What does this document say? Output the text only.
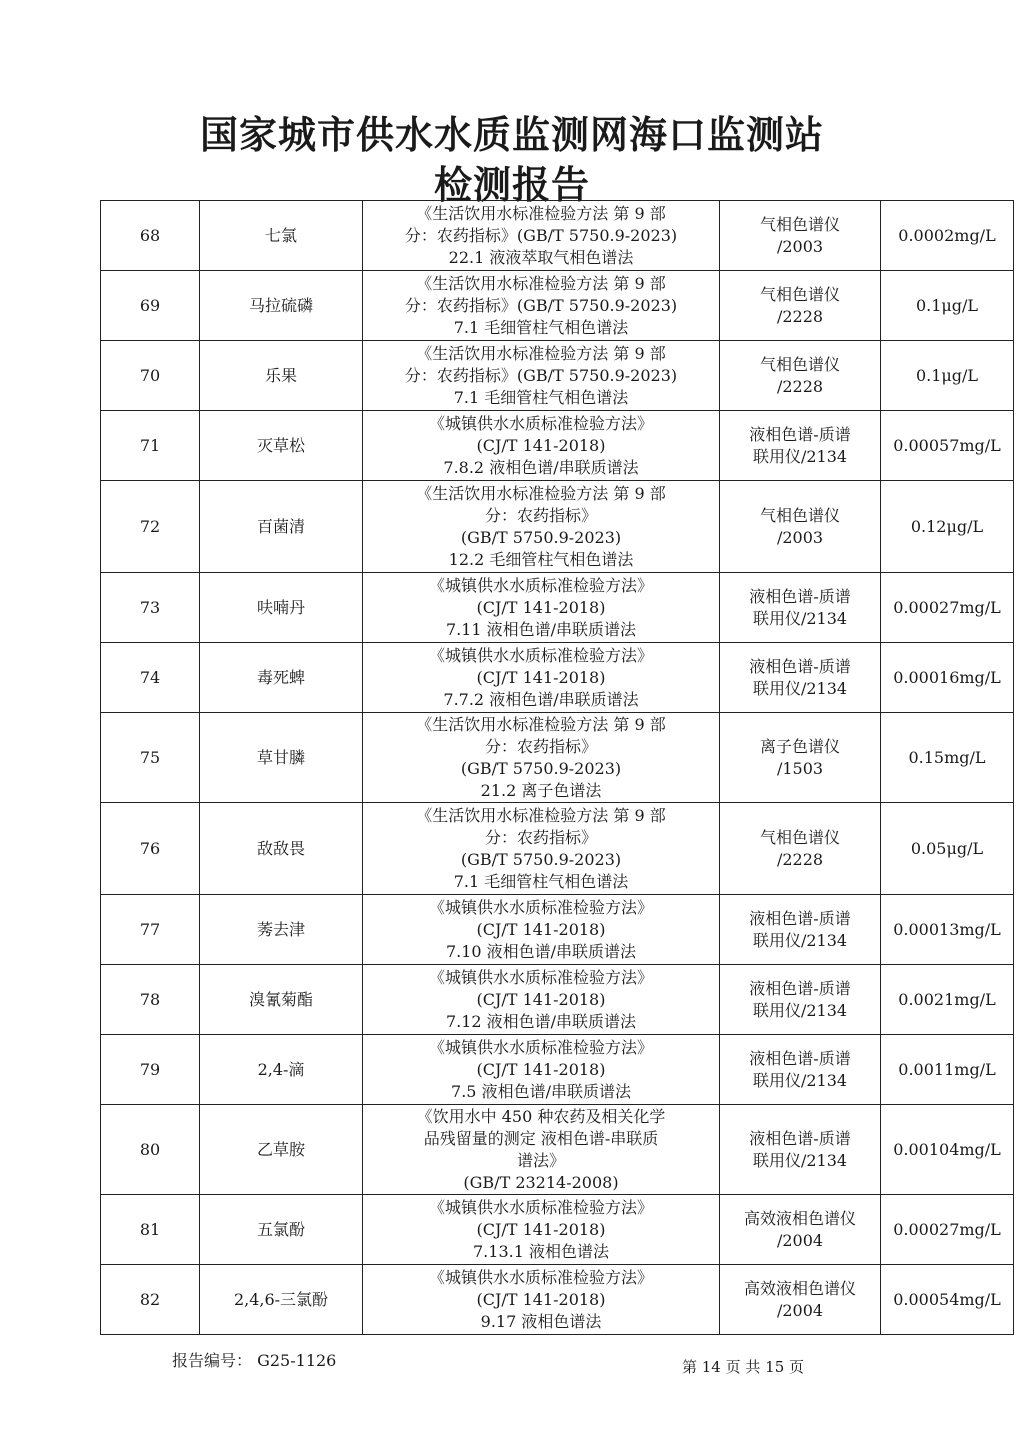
国家城市供水水质监测网海口监测站
检测报告
68	七氯	《生活饮用水标准检验方法 第 9 部
分：农药指标》(GB/T 5750.9-2023)
22.1 液液萃取气相色谱法	气相色谱仪
/2003	0.0002mg/L
69	马拉硫磷	《生活饮用水标准检验方法 第 9 部
分：农药指标》(GB/T 5750.9-2023)
7.1 毛细管柱气相色谱法	气相色谱仪
/2228	0.1μg/L
70	乐果	《生活饮用水标准检验方法 第 9 部
分：农药指标》(GB/T 5750.9-2023)
7.1 毛细管柱气相色谱法	气相色谱仪
/2228	0.1μg/L
71	灭草松	《城镇供水水质标准检验方法》
(CJ/T 141-2018)
7.8.2 液相色谱/串联质谱法	液相色谱-质谱
联用仪/2134	0.00057mg/L
72	百菌清	《生活饮用水标准检验方法 第 9 部
分：农药指标》
(GB/T 5750.9-2023)
12.2 毛细管柱气相色谱法	气相色谱仪
/2003	0.12μg/L
73	呋喃丹	《城镇供水水质标准检验方法》
(CJ/T 141-2018)
7.11 液相色谱/串联质谱法	液相色谱-质谱
联用仪/2134	0.00027mg/L
74	毒死蜱	《城镇供水水质标准检验方法》
(CJ/T 141-2018)
7.7.2 液相色谱/串联质谱法	液相色谱-质谱
联用仪/2134	0.00016mg/L
75	草甘膦	《生活饮用水标准检验方法 第 9 部
分：农药指标》
(GB/T 5750.9-2023)
21.2 离子色谱法	离子色谱仪
/1503	0.15mg/L
76	敌敌畏	《生活饮用水标准检验方法 第 9 部
分：农药指标》
(GB/T 5750.9-2023)
7.1 毛细管柱气相色谱法	气相色谱仪
/2228	0.05μg/L
77	莠去津	《城镇供水水质标准检验方法》
(CJ/T 141-2018)
7.10 液相色谱/串联质谱法	液相色谱-质谱
联用仪/2134	0.00013mg/L
78	溴氰菊酯	《城镇供水水质标准检验方法》
(CJ/T 141-2018)
7.12 液相色谱/串联质谱法	液相色谱-质谱
联用仪/2134	0.0021mg/L
79	2,4-滴	《城镇供水水质标准检验方法》
(CJ/T 141-2018)
7.5 液相色谱/串联质谱法	液相色谱-质谱
联用仪/2134	0.0011mg/L
80	乙草胺	《饮用水中 450 种农药及相关化学
品残留量的测定 液相色谱-串联质
谱法》
(GB/T 23214-2008)	液相色谱-质谱
联用仪/2134	0.00104mg/L
81	五氯酚	《城镇供水水质标准检验方法》
(CJ/T 141-2018)
7.13.1 液相色谱法	高效液相色谱仪
/2004	0.00027mg/L
82	2,4,6-三氯酚	《城镇供水水质标准检验方法》
(CJ/T 141-2018)
9.17 液相色谱法	高效液相色谱仪
/2004	0.00054mg/L
报告编号： G25-1126	第 14 页 共 15 页
